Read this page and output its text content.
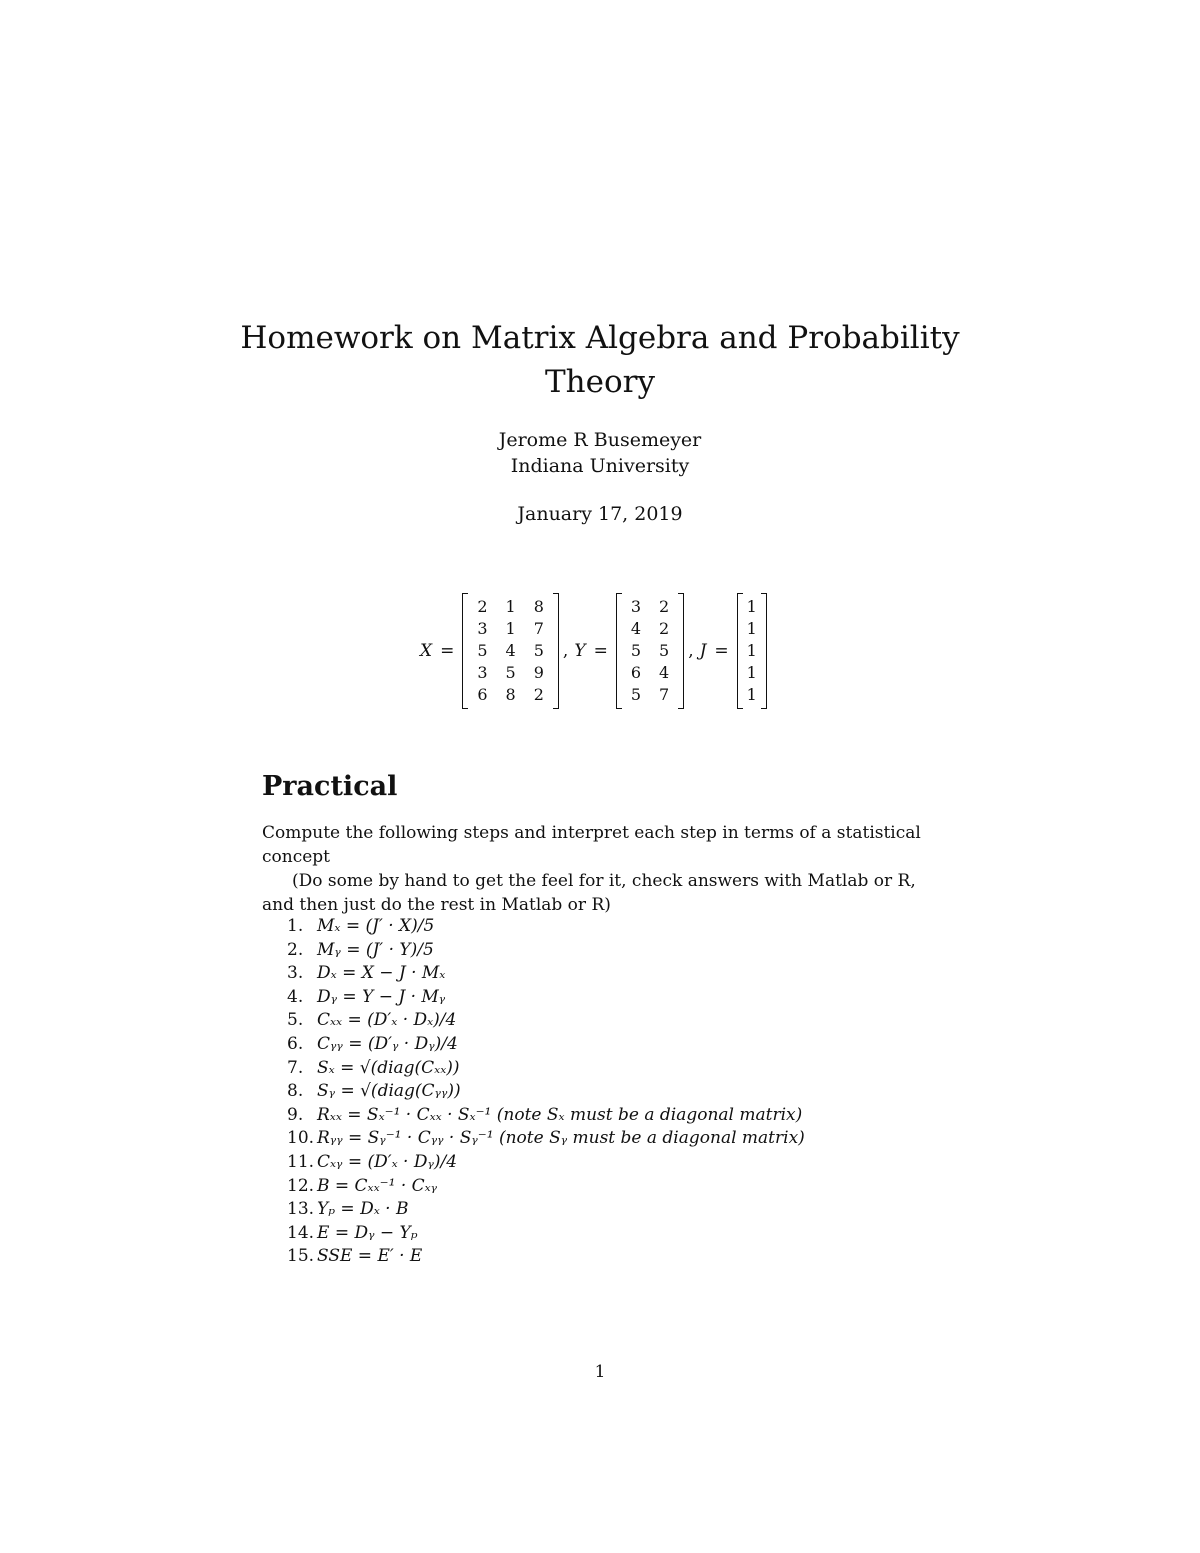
Homework on Matrix Algebra and Probability Theory
Jerome R Busemeyer
Indiana University
January 17, 2019
X =
2	1	8
3	1	7
5	4	5
3	5	9
6	8	2
, Y =
3	2
4	2
5	5
6	4
5	7
, J =
1
1
1
1
1
Practical

Compute the following steps and interpret each step in terms of a statistical concept

(Do some by hand to get the feel for it, check answers with Matlab or R, and then just do the rest in Matlab or R)

1. Mₓ = (J′ · X)/5
2. Mᵧ = (J′ · Y)/5
3. Dₓ = X − J · Mₓ
4. Dᵧ = Y − J · Mᵧ
5. Cₓₓ = (D′ₓ · Dₓ)/4
6. Cᵧᵧ = (D′ᵧ · Dᵧ)/4
7. Sₓ = √(diag(Cₓₓ))
8. Sᵧ = √(diag(Cᵧᵧ))
9. Rₓₓ = Sₓ⁻¹ · Cₓₓ · Sₓ⁻¹ (note Sₓ must be a diagonal matrix)
10. Rᵧᵧ = Sᵧ⁻¹ · Cᵧᵧ · Sᵧ⁻¹ (note Sᵧ must be a diagonal matrix)
11. Cₓᵧ = (D′ₓ · Dᵧ)/4
12. B = Cₓₓ⁻¹ · Cₓᵧ
13. Yₚ = Dₓ · B
14. E = Dᵧ − Yₚ
15. SSE = E′ · E
1
